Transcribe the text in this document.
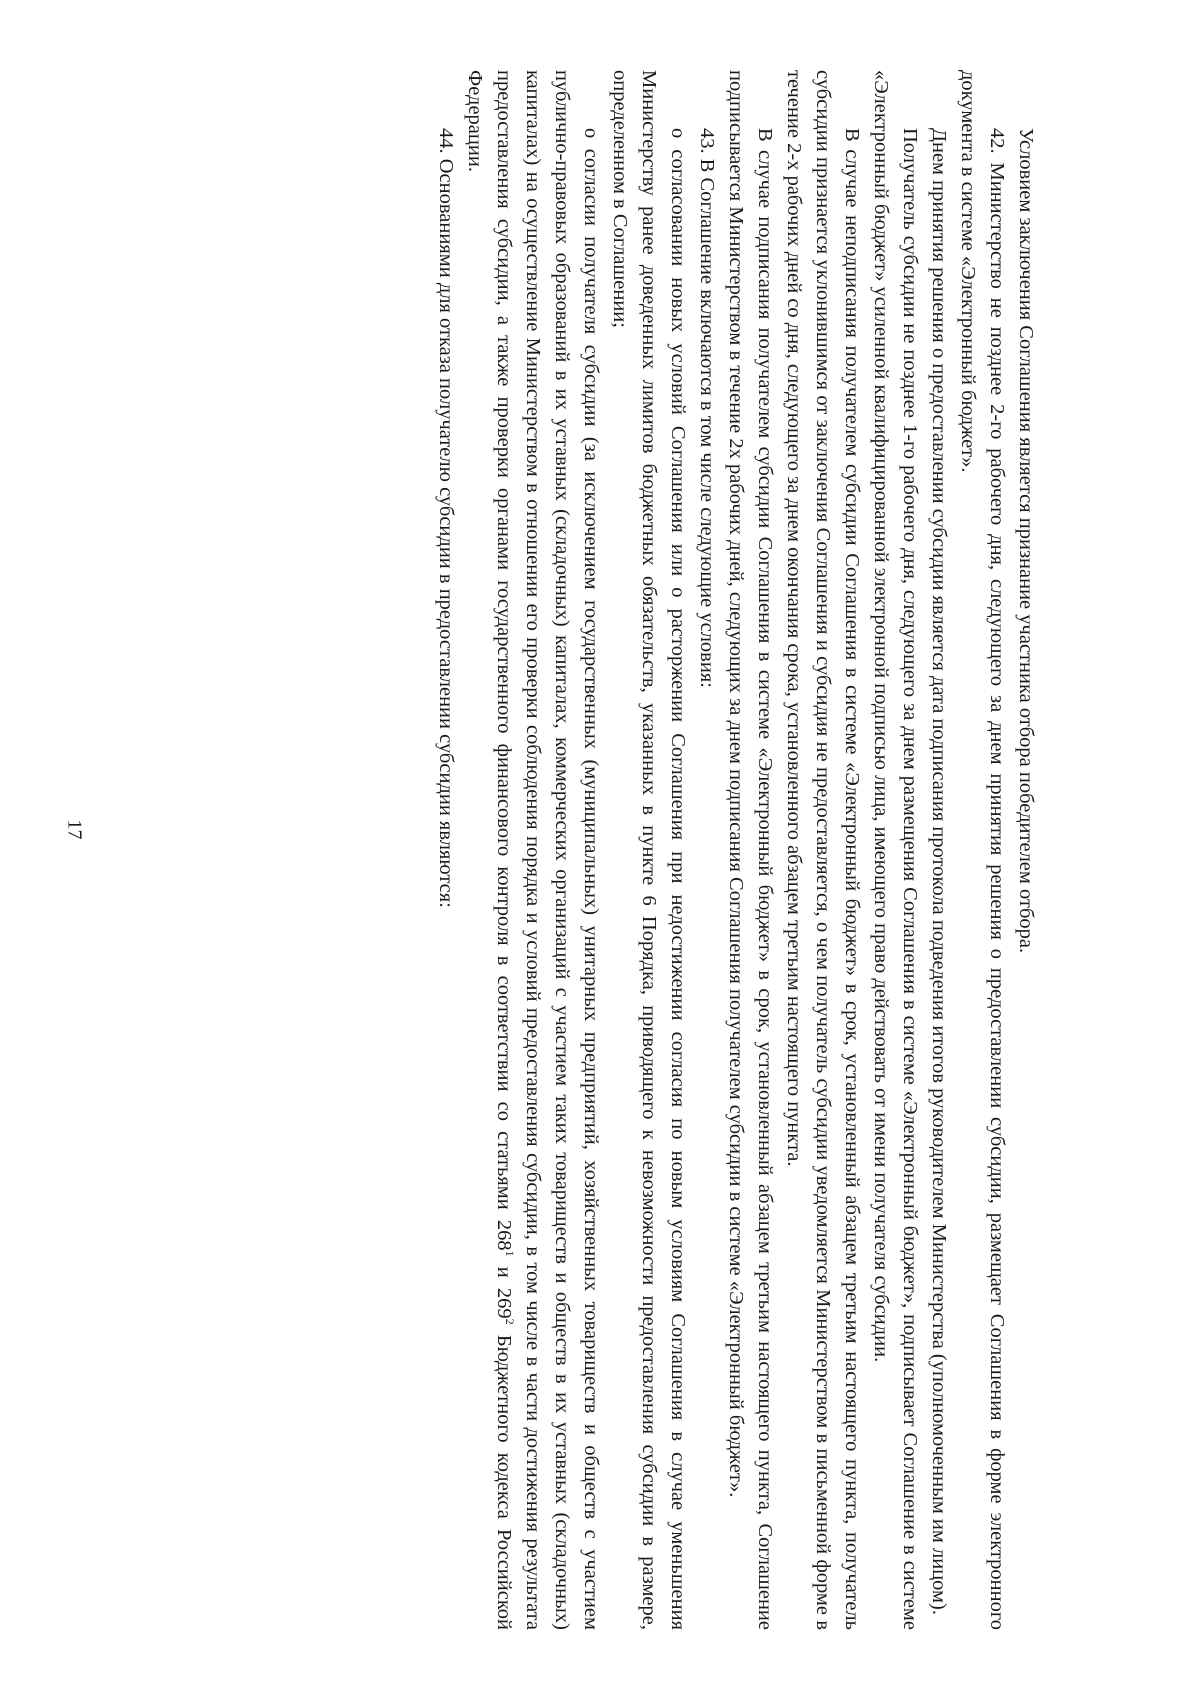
17	Условием заключения Соглашения является признание участника отбора победителем отбора.

42. Министерство не позднее 2-го рабочего дня, следующего за днем принятия решения о предоставлении субсидии, размещает Соглашения в форме электронного документа в системе «Электронный бюджет».

Днем принятия решения о предоставлении субсидии является дата подписания протокола подведения итогов руководителем Министерства (уполномоченным им лицом).

Получатель субсидии не позднее 1-го рабочего дня, следующего за днем размещения Соглашения в системе «Электронный бюджет», подписывает Соглашение в системе «Электронный бюджет» усиленной квалифицированной электронной подписью лица, имеющего право действовать от имени получателя субсидии.

В случае неподписания получателем субсидии Соглашения в системе «Электронный бюджет» в срок, установленный абзацем третьим настоящего пункта, получатель субсидии признается уклонившимся от заключения Соглашения и субсидия не предоставляется, о чем получатель субсидии уведомляется Министерством в письменной форме в течение 2-х рабочих дней со дня, следующего за днем окончания срока, установленного абзацем третьим настоящего пункта.

В случае подписания получателем субсидии Соглашения в системе «Электронный бюджет» в срок, установленный абзацем третьим настоящего пункта, Соглашение подписывается Министерством в течение 2х рабочих дней, следующих за днем подписания Соглашения получателем субсидии в системе «Электронный бюджет».

43. В Соглашение включаются в том числе следующие условия:

о согласовании новых условий Соглашения или о расторжении Соглашения при недостижении согласия по новым условиям Соглашения в случае уменьшения Министерству ранее доведенных лимитов бюджетных обязательств, указанных в пункте 6 Порядка, приводящего к невозможности предоставления субсидии в размере, определенном в Соглашении;

о согласии получателя субсидии (за исключением государственных (муниципальных) унитарных предприятий, хозяйственных товариществ и обществ с участием публично-правовых образований в их уставных (складочных) капиталах, коммерческих организаций с участием таких товариществ и обществ в их уставных (складочных) капиталах) на осуществление Министерством в отношении его проверки соблюдения порядка и условий предоставления субсидии, в том числе в части достижения результата предоставления субсидии, а также проверки органами государственного финансового контроля в соответствии со статьями $268^1$ и $269^2$ Бюджетного кодекса Российской Федерации.

44. Основаниями для отказа получателю субсидии в предоставлении субсидии являются:
